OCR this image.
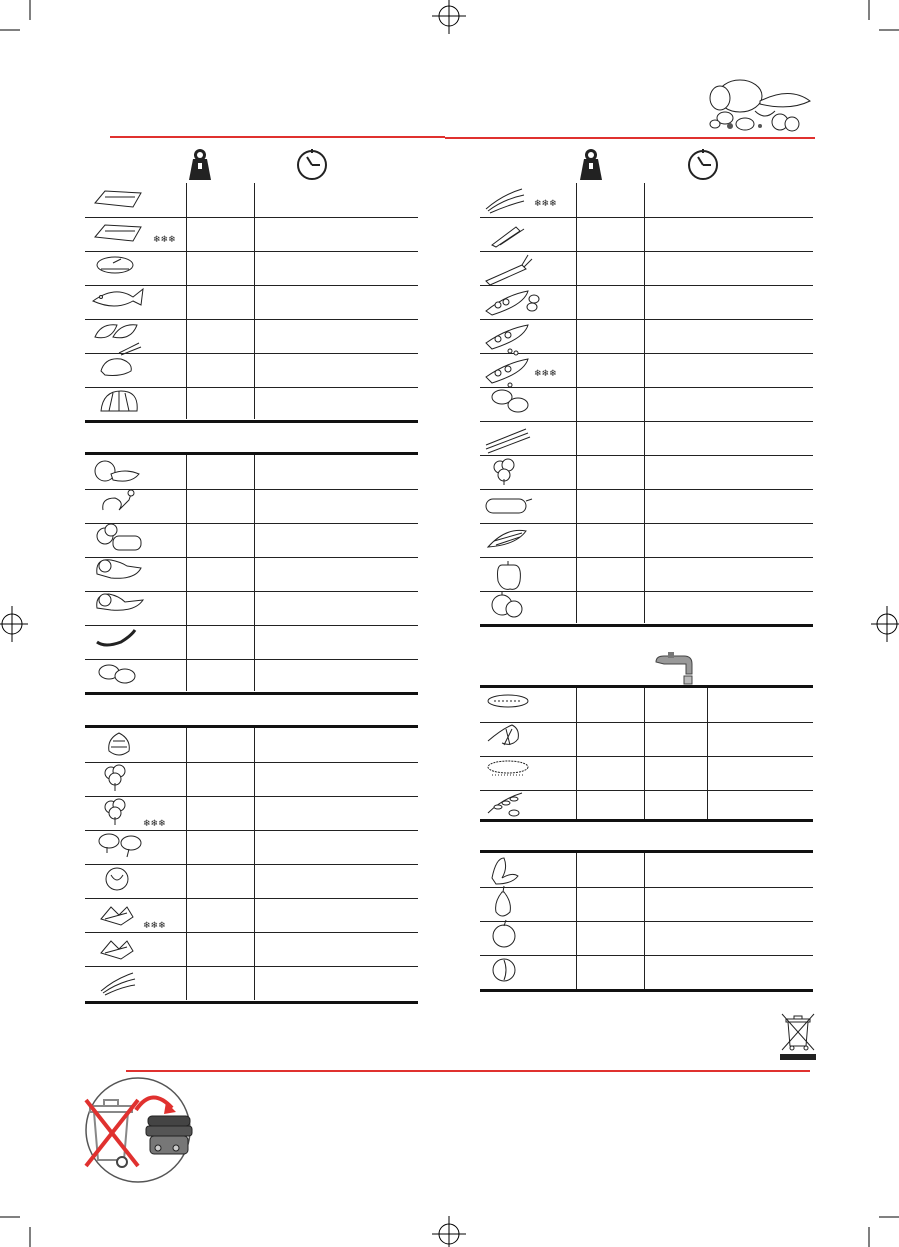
❄❄❄
❄❄❄
❄❄❄
❄❄❄
❄❄❄
